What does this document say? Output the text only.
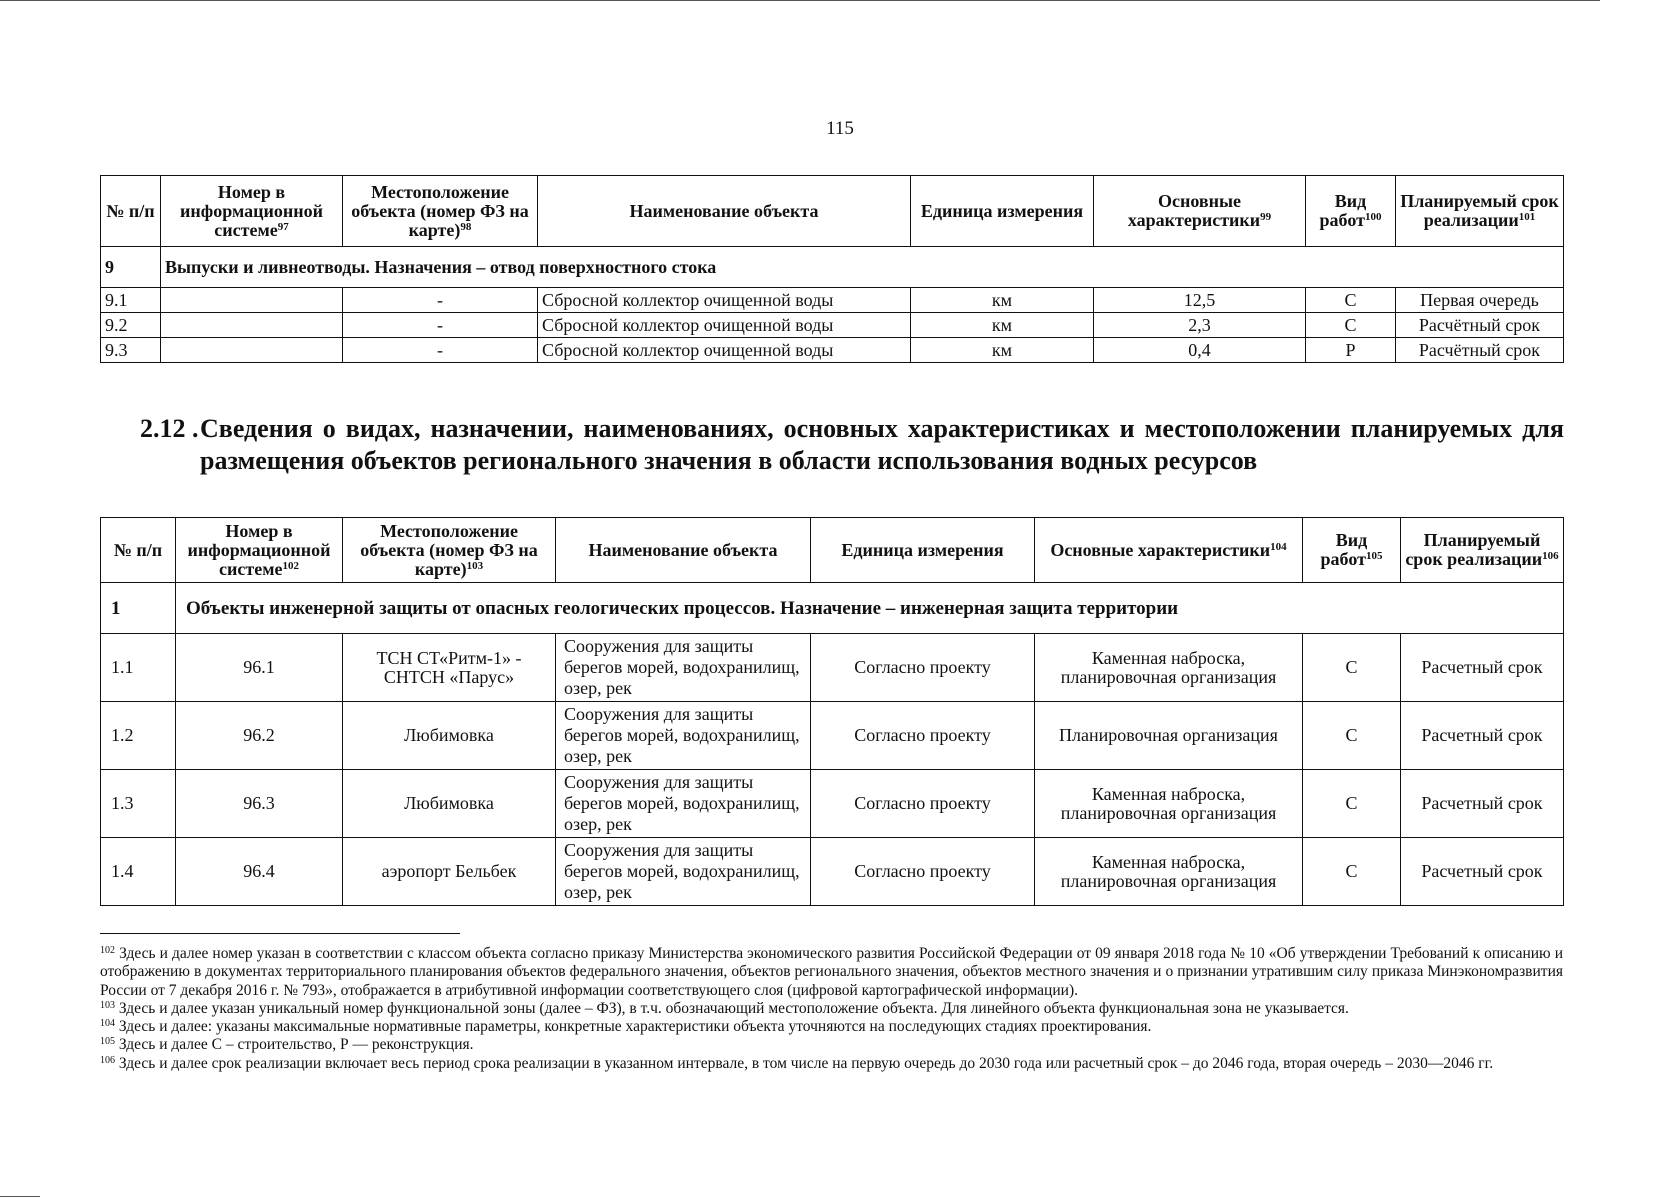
115
№ п/п	Номер в информационной системе$^{97}$	Местоположение объекта (номер ФЗ на карте)$^{98}$	Наименование объекта	Единица измерения	Основные характеристики$^{99}$	Вид работ$^{100}$	Планируемый срок реализации$^{101}$
9	Выпуски и ливнеотводы. Назначения – отвод поверхностного стока						
9.1		-	Сбросной коллектор очищенной воды	км	12,5	С	Первая очередь
9.2		-	Сбросной коллектор очищенной воды	км	2,3	С	Расчётный срок
9.3		-	Сбросной коллектор очищенной воды	км	0,4	Р	Расчётный срок
2.12 . Сведения о видах, назначении, наименованиях, основных характеристиках и местоположении планируемых для размещения объектов регионального значения в области использования водных ресурсов
№ п/п	Номер в информационной системе$^{102}$	Местоположение объекта (номер ФЗ на карте)$^{103}$	Наименование объекта	Единица измерения	Основные характеристики$^{104}$	Вид работ$^{105}$	Планируемый срок реализации$^{106}$
1	Объекты инженерной защиты от опасных геологических процессов. Назначение – инженерная защита территории						
1.1	96.1	ТСН СТ«Ритм-1» - СНТСН «Парус»	Сооружения для защиты берегов морей, водохранилищ, озер, рек	Согласно проекту	Каменная наброска, планировочная организация	С	Расчетный срок
1.2	96.2	Любимовка	Сооружения для защиты берегов морей, водохранилищ, озер, рек	Согласно проекту	Планировочная организация	С	Расчетный срок
1.3	96.3	Любимовка	Сооружения для защиты берегов морей, водохранилищ, озер, рек	Согласно проекту	Каменная наброска, планировочная организация	С	Расчетный срок
1.4	96.4	аэропорт Бельбек	Сооружения для защиты берегов морей, водохранилищ, озер, рек	Согласно проекту	Каменная наброска, планировочная организация	С	Расчетный срок

$^{102}$ Здесь и далее номер указан в соответствии с классом объекта согласно приказу Министерства экономического развития Российской Федерации от 09 января 2018 года № 10 «Об утверждении Требований к описанию и отображению в документах территориального планирования объектов федерального значения, объектов регионального значения, объектов местного значения и о признании утратившим силу приказа Минэкономразвития России от 7 декабря 2016 г. № 793», отображается в атрибутивной информации соответствующего слоя (цифровой картографической информации).

$^{103}$ Здесь и далее указан уникальный номер функциональной зоны (далее – ФЗ), в т.ч. обозначающий местоположение объекта. Для линейного объекта функциональная зона не указывается.

$^{104}$ Здесь и далее: указаны максимальные нормативные параметры, конкретные характеристики объекта уточняются на последующих стадиях проектирования.

$^{105}$ Здесь и далее С – строительство, Р — реконструкция.

$^{106}$ Здесь и далее срок реализации включает весь период срока реализации в указанном интервале, в том числе на первую очередь до 2030 года или расчетный срок – до 2046 года, вторая очередь – 2030—2046 гг.
